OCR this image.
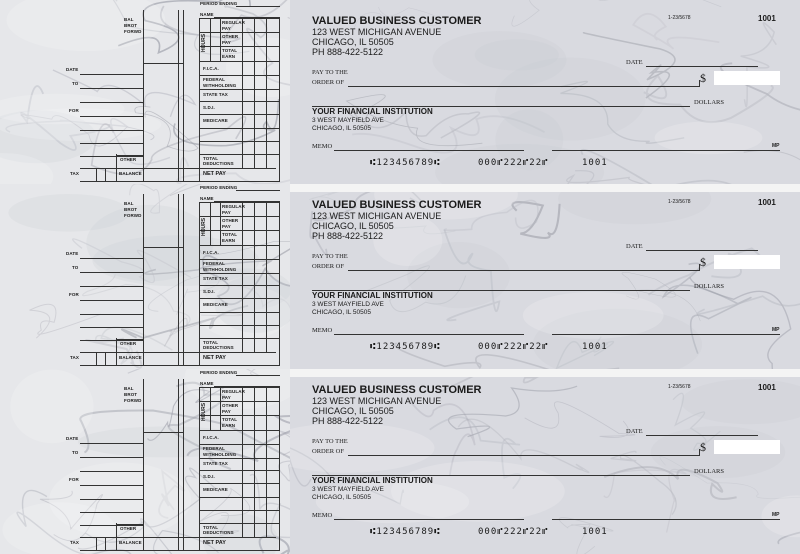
BAL
BROT
FORWD
DATE
TO
FOR
TAX
OTHER
BALANCE
PERIOD ENDING
NAME
HOURS
REGULAR
PAY
OTHER
PAY
TOTAL
EARN
F.I.C.A.
FEDERAL
WITHHOLDING
STATE TAX
S.D.I.
MEDICARE
TOTAL
DEDUCTIONS
NET PAY
VALUED BUSINESS CUSTOMER
123 WEST MICHIGAN AVENUE
CHICAGO, IL 50505
PH 888-422-5122
1-23/5678	1001
DATE
PAY TO THE
ORDER OF	$
DOLLARS
YOUR FINANCIAL INSTITUTION
3 WEST MAYFIELD AVE
CHICAGO, IL 50505
MEMO	MP
⑆123456789⑆	000⑈222⑈22⑈	1001
BAL
BROT
FORWD
DATE
TO
FOR
TAX
OTHER
BALANCE
PERIOD ENDING
NAME
HOURS
REGULAR
PAY
OTHER
PAY
TOTAL
EARN
F.I.C.A.
FEDERAL
WITHHOLDING
STATE TAX
S.D.I.
MEDICARE
TOTAL
DEDUCTIONS
NET PAY
VALUED BUSINESS CUSTOMER
123 WEST MICHIGAN AVENUE
CHICAGO, IL 50505
PH 888-422-5122
1-23/5678	1001
DATE
PAY TO THE
ORDER OF	$
DOLLARS
YOUR FINANCIAL INSTITUTION
3 WEST MAYFIELD AVE
CHICAGO, IL 50505
MEMO	MP
⑆123456789⑆	000⑈222⑈22⑈	1001
BAL
BROT
FORWD
DATE
TO
FOR
TAX
OTHER
BALANCE
PERIOD ENDING
NAME
HOURS
REGULAR
PAY
OTHER
PAY
TOTAL
EARN
F.I.C.A.
FEDERAL
WITHHOLDING
STATE TAX
S.D.I.
MEDICARE
TOTAL
DEDUCTIONS
NET PAY
VALUED BUSINESS CUSTOMER
123 WEST MICHIGAN AVENUE
CHICAGO, IL 50505
PH 888-422-5122
1-23/5678	1001
DATE
PAY TO THE
ORDER OF	$
DOLLARS
YOUR FINANCIAL INSTITUTION
3 WEST MAYFIELD AVE
CHICAGO, IL 50505
MEMO	MP
⑆123456789⑆	000⑈222⑈22⑈	1001
